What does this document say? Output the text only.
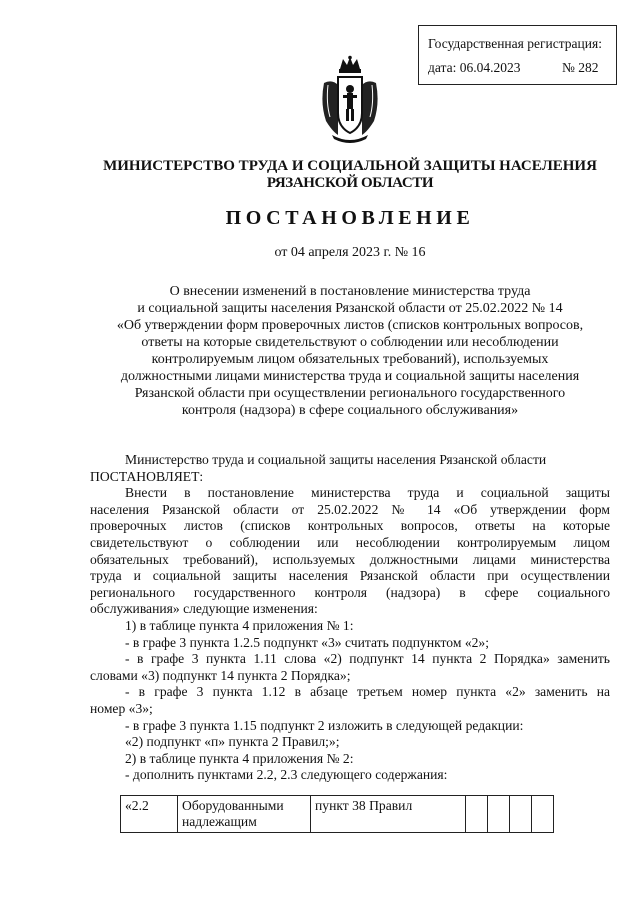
Государственная регистрация:
дата: 06.04.2023	№ 282
МИНИСТЕРСТВО ТРУДА И СОЦИАЛЬНОЙ ЗАЩИТЫ НАСЕЛЕНИЯ
РЯЗАНСКОЙ ОБЛАСТИ
ПОСТАНОВЛЕНИЕ
от 04 апреля 2023 г. № 16
О внесении изменений в постановление министерства труда
и социальной защиты населения Рязанской области от 25.02.2022 № 14
«Об утверждении форм проверочных листов (списков контрольных вопросов,
ответы на которые свидетельствуют о соблюдении или несоблюдении
контролируемым лицом обязательных требований), используемых
должностными лицами министерства труда и социальной защиты населения
Рязанской области при осуществлении регионального государственного
контроля (надзора) в сфере социального обслуживания»

Министерство труда и социальной защиты населения Рязанской области

ПОСТАНОВЛЯЕТ:

Внести в постановление министерства труда и социальной защиты

населения Рязанской области от 25.02.2022 № 14 «Об утверждении форм

проверочных листов (списков контрольных вопросов, ответы на которые

свидетельствуют о соблюдении или несоблюдении контролируемым лицом

обязательных требований), используемых должностными лицами министерства

труда и социальной защиты населения Рязанской области при осуществлении

регионального государственного контроля (надзора) в сфере социального

обслуживания» следующие изменения:

1) в таблице пункта 4 приложения № 1:

- в графе 3 пункта 1.2.5 подпункт «3» считать подпунктом «2»;

- в графе 3 пункта 1.11 слова «2) подпункт 14 пункта 2 Порядка» заменить

словами «3) подпункт 14 пункта 2 Порядка»;

- в графе 3 пункта 1.12 в абзаце третьем номер пункта «2» заменить на

номер «3»;

- в графе 3 пункта 1.15 подпункт 2 изложить в следующей редакции:

«2) подпункт «п» пункта 2 Правил;»;

2) в таблице пункта 4 приложения № 2:

- дополнить пунктами 2.2, 2.3 следующего содержания:

«2.2	Оборудованными
надлежащим
	пункт 38 Правил				
